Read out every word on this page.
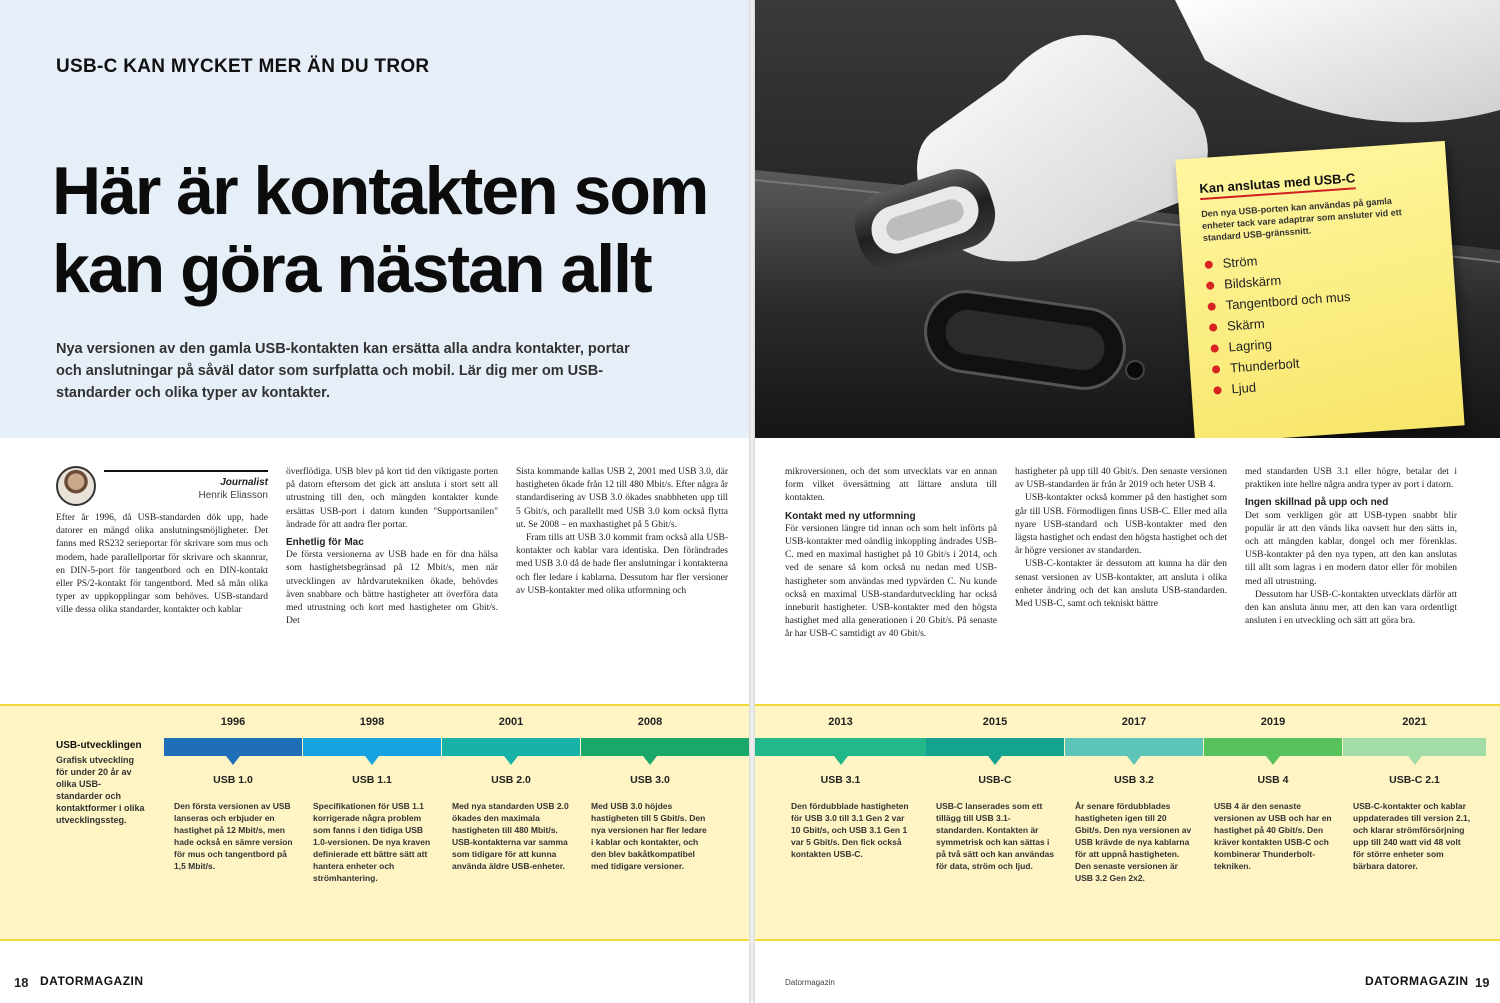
USB-C KAN MYCKET MER ÄN DU TROR
Här är kontakten som kan göra nästan allt

Nya versionen av den gamla USB-kontakten kan ersätta alla andra kontakter, portar och anslutningar på såväl dator som surfplatta och mobil. Lär dig mer om USB-standarder och olika typer av kontakter.

Journalist
Henrik Eliasson

Efter år 1996, då USB-standarden dök upp, hade datorer en mängd olika anslutningsmöjligheter. Det fanns med RS232 serieportar för skrivare som mus och modem, hade parallellportar för skrivare och skannrar, en DIN-5-port för tangentbord och en DIN-kontakt eller PS/2-kontakt för tangentbord. Med så mån olika typer av uppkopplingar som behöves. USB-standard ville dessa olika standarder, kontakter och kablar

överflödiga. USB blev på kort tid den viktigaste porten på datorn eftersom det gick att ansluta i stort sett all utrustning till den, och mängden kontakter kunde ersättas USB-port i datorn kunden "Supportsanilen" ändrade för att andra fler portar.

Enhetlig för Mac

De första versionerna av USB hade en för dna hälsa som hastighetsbegränsad på 12 Mbit/s, men när utvecklingen av hårdvarutekniken ökade, behövdes även snabbare och bättre hastigheter att överföra data med utrustning och kort med hastigheter om Gbit/s. Det

Sista kommande kallas USB 2, 2001 med USB 3.0, där hastigheten ökade från 12 till 480 Mbit/s. Efter några år standardisering av USB 3.0 ökades snabbheten upp till 5 Gbit/s, och parallellt med USB 3.0 kom också flytta ut. Se 2008 – en maxhastighet på 5 Gbit/s.

Fram tills att USB 3.0 kommit fram också alla USB-kontakter och kablar vara identiska. Den förändrades med USB 3.0 då de hade fler anslutningar i kontakterna och fler ledare i kablarna. Dessutom har fler versioner av USB-kontakter med olika utformning och

18 DATORMAGAZIN
Kan anslutas med USB-C

Den nya USB-porten kan användas på gamla enheter tack vare adaptrar som ansluter vid ett standard USB-gränssnitt.

Ström
Bildskärm
Tangentbord och mus
Skärm
Lagring
Thunderbolt
Ljud

mikroversionen, och det som utvecklats var en annan form vilket översättning att lättare ansluta till kontakten.

Kontakt med ny utformning

För versionen längre tid innan och som helt införts på USB-kontakter med oändlig inkoppling ändrades USB-C. med en maximal hastighet på 10 Gbit/s i 2014, och ved de senare så kom också nu nedan med USB-hastigheter som användas med typvärden C. Nu kunde också en maximal USB-standardutveckling har också inneburit hastigheter. USB-kontakter med den högsta hastighet med alla generationen i 20 Gbit/s. På senaste år har USB-C samtidigt av 40 Gbit/s.

hastigheter på upp till 40 Gbit/s. Den senaste versionen av USB-standarden är från år 2019 och heter USB 4.

USB-kontakter också kommer på den hastighet som går till USB. Förmodligen finns USB-C. Eller med alla nyare USB-standard och USB-kontakter med den lägsta hastighet och endast den högsta hastighet och det är högre versioner av standarden.

USB-C-kontakter är dessutom att kunna ha där den senast versionen av USB-kontakter, att ansluta i olika enheter ändring och det kan ansluta USB-standarden. Med USB-C, samt och tekniskt bättre

med standarden USB 3.1 eller högre, betalar det i praktiken inte hellre några andra typer av port i datorn.

Ingen skillnad på upp och ned

Det som verkligen gör att USB-typen snabbt blir populär är att den vänds lika oavsett hur den sätts in, och att mängden kablar, dongel och mer förenklas. USB-kontakter på den nya typen, att den kan anslutas till allt som lagras i en modern dator eller för mobilen med all utrustning.

Dessutom har USB-C-kontakten utvecklats därför att den kan ansluta ännu mer, att den kan vara ordentligt ansluten i en utveckling och sätt att göra bra.

Datormagazin	DATORMAGAZIN 19
USB-utvecklingen
Grafisk utveckling för under 20 år av olika USB-standarder och kontaktformer i olika utvecklingssteg.
1996
USB 1.0
Den första versionen av USB lanseras och erbjuder en hastighet på 12 Mbit/s, men hade också en sämre version för mus och tangentbord på 1,5 Mbit/s.
1998
USB 1.1
Specifikationen för USB 1.1 korrigerade några problem som fanns i den tidiga USB 1.0-versionen. De nya kraven definierade ett bättre sätt att hantera enheter och strömhantering.
2001
USB 2.0
Med nya standarden USB 2.0 ökades den maximala hastigheten till 480 Mbit/s. USB-kontakterna var samma som tidigare för att kunna använda äldre USB-enheter.
2008
USB 3.0
Med USB 3.0 höjdes hastigheten till 5 Gbit/s. Den nya versionen har fler ledare i kablar och kontakter, och den blev bakåtkompatibel med tidigare versioner.
2013
USB 3.1
Den fördubblade hastigheten för USB 3.0 till 3.1 Gen 2 var 10 Gbit/s, och USB 3.1 Gen 1 var 5 Gbit/s. Den fick också kontakten USB-C.
2015
USB-C
USB-C lanserades som ett tillägg till USB 3.1-standarden. Kontakten är symmetrisk och kan sättas i på två sätt och kan användas för data, ström och ljud.
2017
USB 3.2
År senare fördubblades hastigheten igen till 20 Gbit/s. Den nya versionen av USB krävde de nya kablarna för att uppnå hastigheten. Den senaste versionen är USB 3.2 Gen 2x2.
2019
USB 4
USB 4 är den senaste versionen av USB och har en hastighet på 40 Gbit/s. Den kräver kontakten USB-C och kombinerar Thunderbolt-tekniken.
2021
USB-C 2.1
USB-C-kontakter och kablar uppdaterades till version 2.1, och klarar strömförsörjning upp till 240 watt vid 48 volt för större enheter som bärbara datorer.
